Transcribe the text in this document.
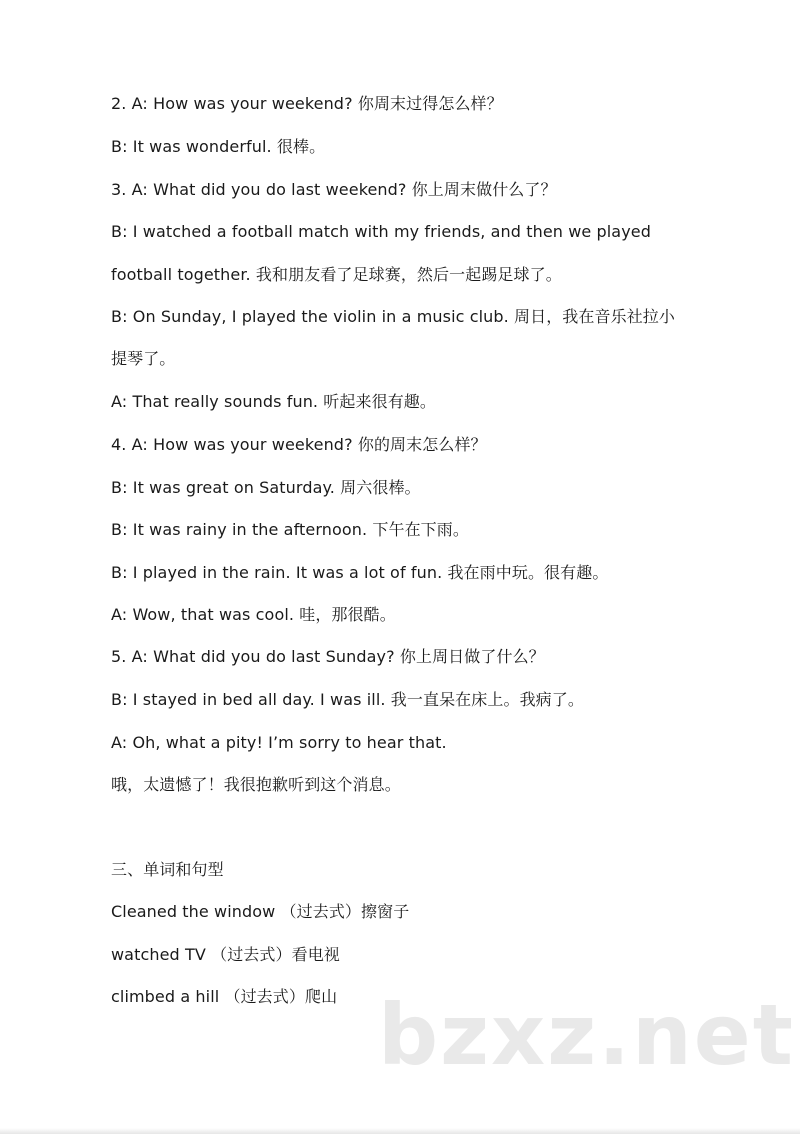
2. A: How was your weekend? 你周末过得怎么样？
B: It was wonderful. 很棒。
3. A: What did you do last weekend? 你上周末做什么了？
B: I watched a football match with my friends, and then we played
football together. 我和朋友看了足球赛，然后一起踢足球了。
B: On Sunday, I played the violin in a music club. 周日，我在音乐社拉小
提琴了。
A: That really sounds fun. 听起来很有趣。
4. A: How was your weekend? 你的周末怎么样？
B: It was great on Saturday. 周六很棒。
B: It was rainy in the afternoon. 下午在下雨。
B: I played in the rain. It was a lot of fun. 我在雨中玩。很有趣。
A: Wow, that was cool. 哇，那很酷。
5. A: What did you do last Sunday? 你上周日做了什么？
B: I stayed in bed all day. I was ill. 我一直呆在床上。我病了。
A: Oh, what a pity! I’m sorry to hear that.
哦，太遗憾了！我很抱歉听到这个消息。
三、单词和句型
Cleaned the window （过去式）擦窗子
watched TV （过去式）看电视
climbed a hill （过去式）爬山 bzxz.net
